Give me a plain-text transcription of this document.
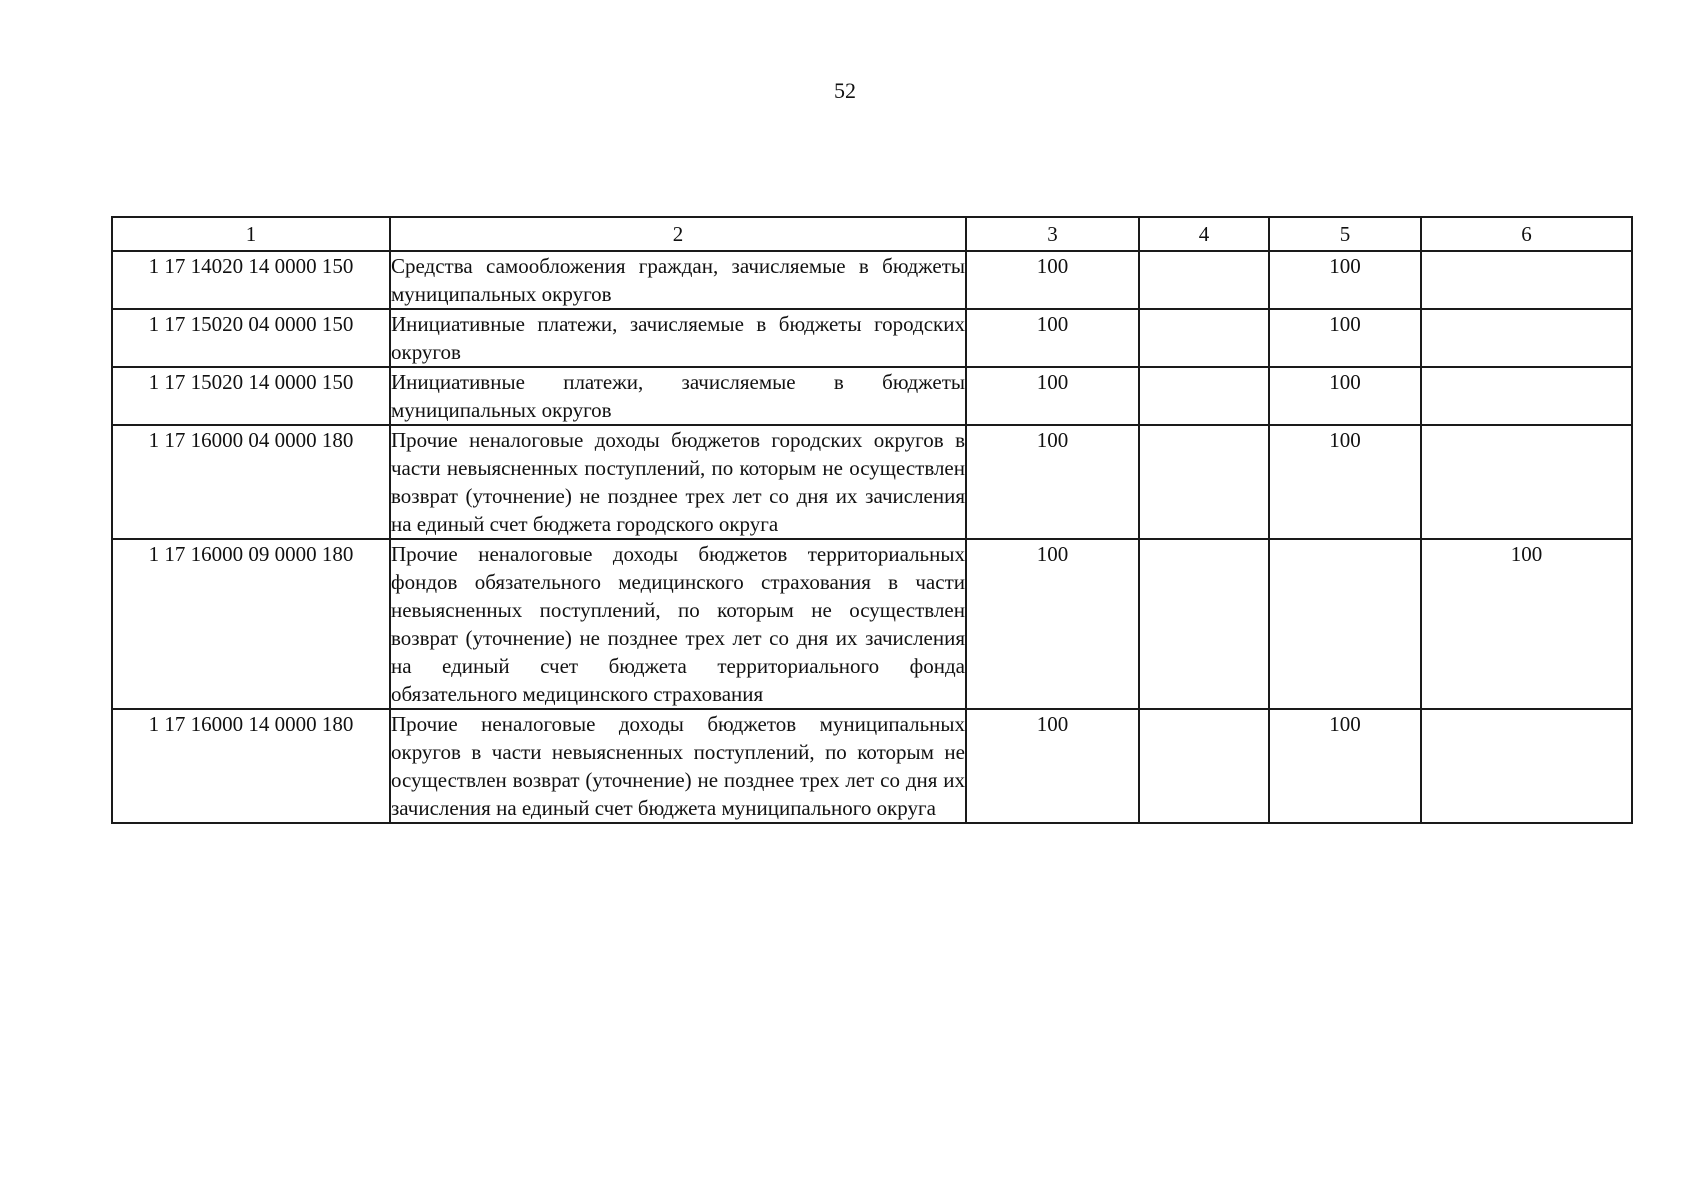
52
1	2	3	4	5	6
1 17 14020 14 0000 150	Средства самообложения граждан, зачисляемые в бюджеты муниципальных округов	100		100	
1 17 15020 04 0000 150	Инициативные платежи, зачисляемые в бюджеты городских округов	100		100	
1 17 15020 14 0000 150	Инициативные платежи, зачисляемые в бюджеты муниципальных округов	100		100	
1 17 16000 04 0000 180	Прочие неналоговые доходы бюджетов городских округов в части невыясненных поступлений, по которым не осуществлен возврат (уточнение) не позднее трех лет со дня их зачисления на единый счет бюджета городского округа	100		100	
1 17 16000 09 0000 180	Прочие неналоговые доходы бюджетов территориальных фондов обязательного медицинского страхования в части невыясненных поступлений, по которым не осуществлен возврат (уточнение) не позднее трех лет со дня их зачисления на единый счет бюджета территориального фонда обязательного медицинского страхования	100			100
1 17 16000 14 0000 180	Прочие неналоговые доходы бюджетов муниципальных округов в части невыясненных поступлений, по которым не осуществлен возврат (уточнение) не позднее трех лет со дня их зачисления на единый счет бюджета муниципального округа	100		100	
